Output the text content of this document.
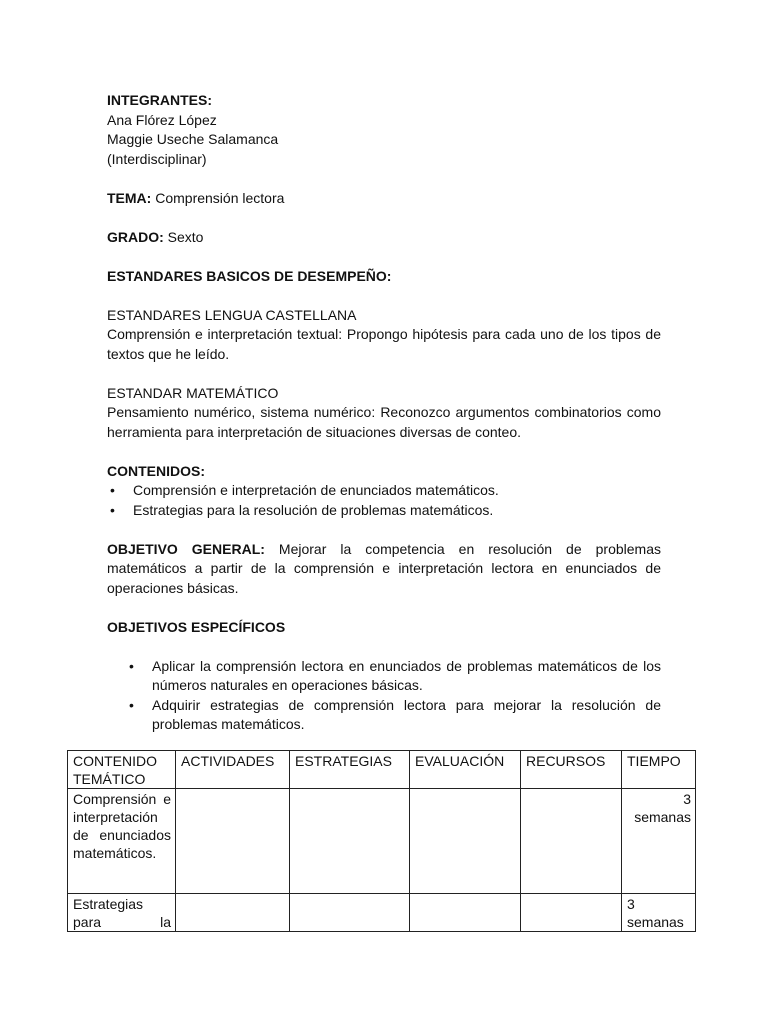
INTEGRANTES:
Ana Flórez López
Maggie Useche Salamanca
(Interdisciplinar)
TEMA: Comprensión lectora
GRADO: Sexto
ESTANDARES BASICOS DE DESEMPEÑO:
ESTANDARES LENGUA CASTELLANA
Comprensión e interpretación textual: Propongo hipótesis para cada uno de los tipos de textos que he leído.
ESTANDAR MATEMÁTICO
Pensamiento numérico, sistema numérico: Reconozco argumentos combinatorios como herramienta para interpretación de situaciones diversas de conteo.
CONTENIDOS:
• Comprensión e interpretación de enunciados matemáticos.
• Estrategias para la resolución de problemas matemáticos.
OBJETIVO GENERAL: Mejorar la competencia en resolución de problemas matemáticos a partir de la comprensión e interpretación lectora en enunciados de operaciones básicas.
OBJETIVOS ESPECÍFICOS
• Aplicar la comprensión lectora en enunciados de problemas matemáticos de los números naturales en operaciones básicas.
• Adquirir estrategias de comprensión lectora para mejorar la resolución de problemas matemáticos.
CONTENIDO TEMÁTICO	ACTIVIDADES	ESTRATEGIAS	EVALUACIÓN	RECURSOS	TIEMPO
Comprensión e interpretación de enunciados matemáticos.					3 semanas
Estrategias para la					3 semanas
